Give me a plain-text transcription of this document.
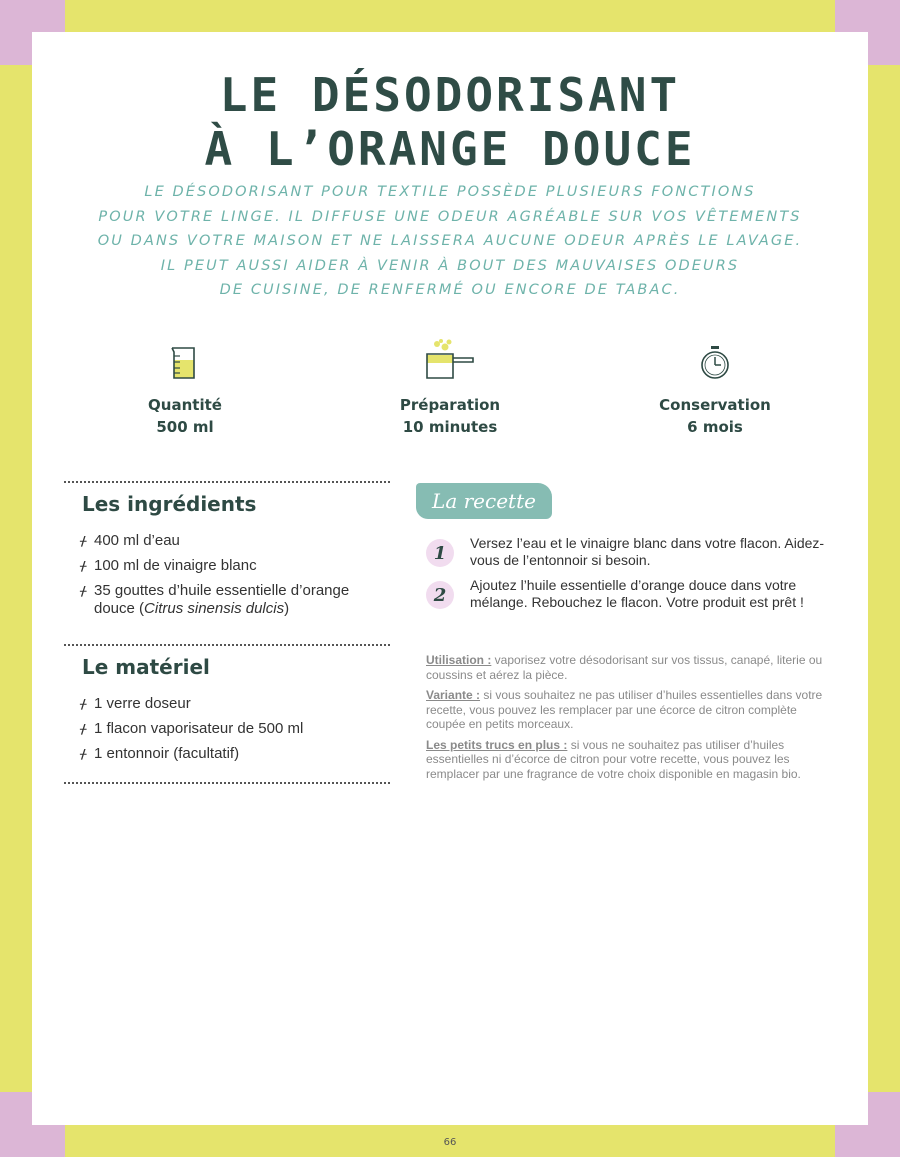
LE DÉSODORISANT
À L’ORANGE DOUCE

LE DÉSODORISANT POUR TEXTILE POSSÈDE PLUSIEURS FONCTIONS
POUR VOTRE LINGE. IL DIFFUSE UNE ODEUR AGRÉABLE SUR VOS VÊTEMENTS
OU DANS VOTRE MAISON ET NE LAISSERA AUCUNE ODEUR APRÈS LE LAVAGE.
IL PEUT AUSSI AIDER À VENIR À BOUT DES MAUVAISES ODEURS
DE CUISINE, DE RENFERMÉ OU ENCORE DE TABAC.

Quantité
500 ml
Préparation
10 minutes
Conservation
6 mois
Les ingrédients
ᚋ 400 ml d’eau
ᚋ 100 ml de vinaigre blanc
ᚋ 35 gouttes d’huile essentielle d’orange douce (Citrus sinensis dulcis)
Le matériel
ᚋ 1 verre doseur
ᚋ 1 flacon vaporisateur de 500 ml
ᚋ 1 entonnoir (facultatif)
La recette
1	Versez l’eau et le vinaigre blanc dans votre flacon. Aidez-vous de l’entonnoir si besoin.
2	Ajoutez l’huile essentielle d’orange douce dans votre mélange. Rebouchez le flacon. Votre produit est prêt !

Utilisation : vaporisez votre désodorisant sur vos tissus, canapé, literie ou coussins et aérez la pièce.

Variante : si vous souhaitez ne pas utiliser d’huiles essentielles dans votre recette, vous pouvez les remplacer par une écorce de citron complète coupée en petits morceaux.

Les petits trucs en plus : si vous ne souhaitez pas utiliser d’huiles essentielles ni d’écorce de citron pour votre recette, vous pouvez les remplacer par une fragrance de votre choix disponible en magasin bio.

66
